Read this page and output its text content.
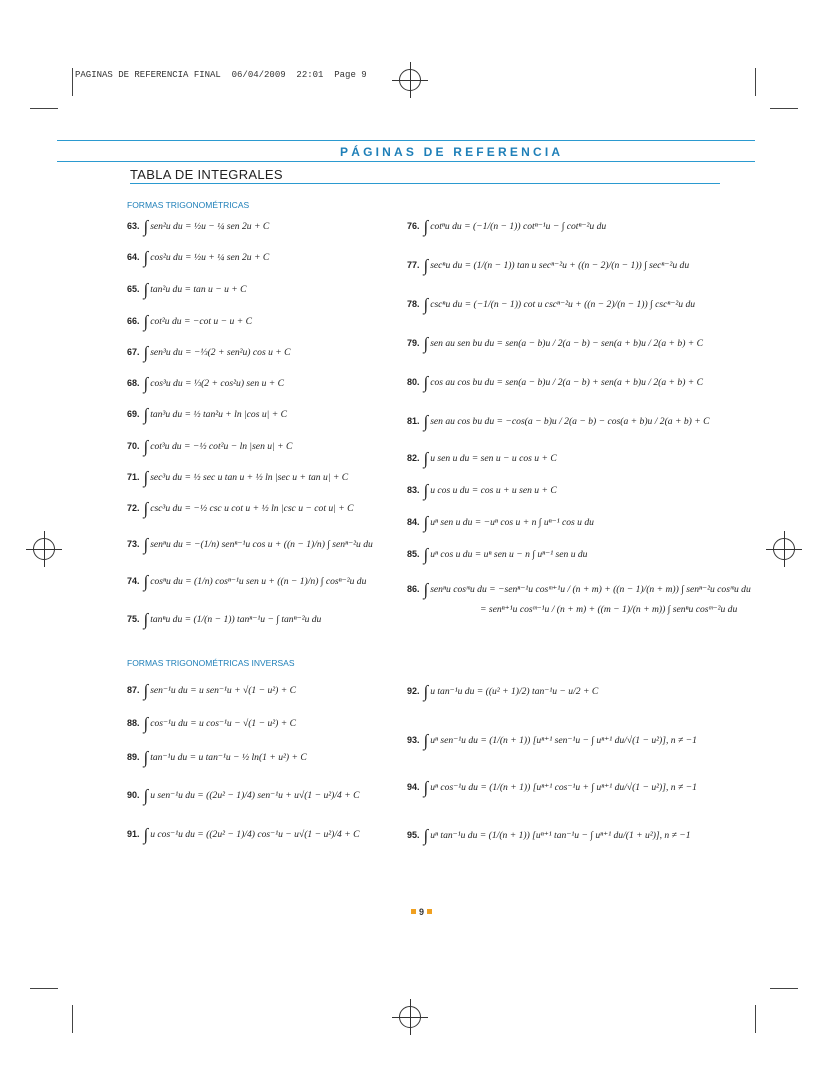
PAGINAS DE REFERENCIA FINAL  06/04/2009  22:01  Page 9
PÁGINAS DE REFERENCIA
TABLA DE INTEGRALES
FORMAS TRIGONOMÉTRICAS
63. ∫ sen²u du = ½u − ¼ sen 2u + C
64. ∫ cos²u du = ½u + ¼ sen 2u + C
65. ∫ tan²u du = tan u − u + C
66. ∫ cot²u du = −cot u − u + C
67. ∫ sen³u du = −⅓(2 + sen²u) cos u + C
68. ∫ cos³u du = ⅓(2 + cos²u) sen u + C
69. ∫ tan³u du = ½ tan²u + ln |cos u| + C
70. ∫ cot³u du = −½ cot²u − ln |sen u| + C
71. ∫ sec³u du = ½ sec u tan u + ½ ln |sec u + tan u| + C
72. ∫ csc³u du = −½ csc u cot u + ½ ln |csc u − cot u| + C
73. ∫ senⁿu du = −(1/n) senⁿ⁻¹u cos u + ((n − 1)/n) ∫ senⁿ⁻²u du
74. ∫ cosⁿu du = (1/n) cosⁿ⁻¹u sen u + ((n − 1)/n) ∫ cosⁿ⁻²u du
75. ∫ tanⁿu du = (1/(n − 1)) tanⁿ⁻¹u − ∫ tanⁿ⁻²u du
76. ∫ cotⁿu du = (−1/(n − 1)) cotⁿ⁻¹u − ∫ cotⁿ⁻²u du
77. ∫ secⁿu du = (1/(n − 1)) tan u secⁿ⁻²u + ((n − 2)/(n − 1)) ∫ secⁿ⁻²u du
78. ∫ cscⁿu du = (−1/(n − 1)) cot u cscⁿ⁻²u + ((n − 2)/(n − 1)) ∫ cscⁿ⁻²u du
79. ∫ sen au sen bu du = sen(a − b)u / 2(a − b) − sen(a + b)u / 2(a + b) + C
80. ∫ cos au cos bu du = sen(a − b)u / 2(a − b) + sen(a + b)u / 2(a + b) + C
81. ∫ sen au cos bu du = −cos(a − b)u / 2(a − b) − cos(a + b)u / 2(a + b) + C
82. ∫ u sen u du = sen u − u cos u + C
83. ∫ u cos u du = cos u + u sen u + C
84. ∫ uⁿ sen u du = −uⁿ cos u + n ∫ uⁿ⁻¹ cos u du
85. ∫ uⁿ cos u du = uⁿ sen u − n ∫ uⁿ⁻¹ sen u du
86. ∫ senⁿu cosᵐu du = −senⁿ⁻¹u cosᵐ⁺¹u / (n + m) + ((n − 1)/(n + m)) ∫ senⁿ⁻²u cosᵐu du
= senⁿ⁺¹u cosᵐ⁻¹u / (n + m) + ((m − 1)/(n + m)) ∫ senⁿu cosᵐ⁻²u du
FORMAS TRIGONOMÉTRICAS INVERSAS
87. ∫ sen⁻¹u du = u sen⁻¹u + √(1 − u²) + C
88. ∫ cos⁻¹u du = u cos⁻¹u − √(1 − u²) + C
89. ∫ tan⁻¹u du = u tan⁻¹u − ½ ln(1 + u²) + C
90. ∫ u sen⁻¹u du = ((2u² − 1)/4) sen⁻¹u + u√(1 − u²)/4 + C
91. ∫ u cos⁻¹u du = ((2u² − 1)/4) cos⁻¹u − u√(1 − u²)/4 + C
92. ∫ u tan⁻¹u du = ((u² + 1)/2) tan⁻¹u − u/2 + C
93. ∫ uⁿ sen⁻¹u du = (1/(n + 1)) [uⁿ⁺¹ sen⁻¹u − ∫ uⁿ⁺¹ du/√(1 − u²)], n ≠ −1
94. ∫ uⁿ cos⁻¹u du = (1/(n + 1)) [uⁿ⁺¹ cos⁻¹u + ∫ uⁿ⁺¹ du/√(1 − u²)], n ≠ −1
95. ∫ uⁿ tan⁻¹u du = (1/(n + 1)) [uⁿ⁺¹ tan⁻¹u − ∫ uⁿ⁺¹ du/(1 + u²)], n ≠ −1
9
